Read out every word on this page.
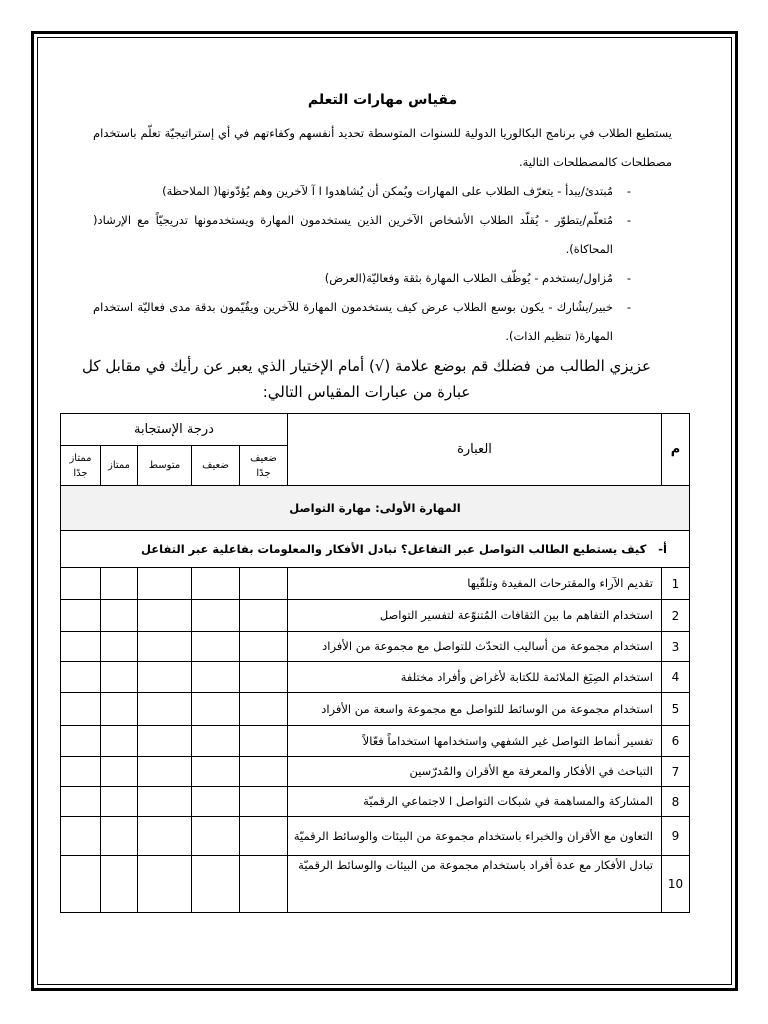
مقياس مهارات التعلم
يستطيع الطلاب في برنامج البكالوريا الدولية للسنوات المتوسطة تحديد أنفسهم وكفاءتهم في أي إستراتيجيّة تعلّم باستخدام مصطلحات كالمصطلحات التالية.
-
مُبتدئ/يبدأ - يتعرّف الطلاب على المهارات ويُمكن أن يُشاهدوا ا آ لآخرين وهم يُؤدّونها( الملاحظة)
-
مُتعلّم/يتطوّر - يُقلّد الطلاب الأشخاص الآخرين الذين يستخدمون المهارة ويستخدمونها تدريجيّاً مع الإرشاد( المحاكاة).
-
مُزاول/يستخدم - يُوظّف الطلاب المهارة بثقة وفعاليّة(العرض)
-
خبير/يشُارك - يكون بوسع الطلاب عرض كيف يستخدمون المهارة للآخرين ويقُيّمون بدقة مدى فعاليّة استخدام المهارة( تنظيم الذات).
عزيزي الطالب من فضلك قم بوضع علامة (√) أمام الإختيار الذي يعبر عن رأيك في مقابل كل عبارة من عبارات المقياس التالي:
م	العبارة	درجة الإستجابة				
		ضعيف جدًا	ضعيف	متوسط	ممتاز	ممتاز جدًا
المهارة الأولى: مهارة التواصل						
أ-كيف يستطيع الطالب التواصل عبر التفاعل؟ تبادل الأفكار والمعلومات بفاعلية عبر التفاعل						
1	تقديم الآراء والمقترحات المفيدة وتلقّيها					
2	استخدام التفاهم ما بين الثقافات المُتنوّعة لتفسير التواصل					
3	استخدام مجموعة من أساليب التحدّث للتواصل مع مجموعة من الأفراد					
4	استخدام الصِيَغ الملائمة للكتابة لأغراض وأفراد مختلفة					
5	استخدام مجموعة من الوسائط للتواصل مع مجموعة واسعة من الأفراد					
6	تفسير أنماط التواصل غير الشفهي واستخدامها استخداماً فعّالاً					
7	التباحث في الأفكار والمعرفة مع الأقران والمُدرّسين					
8	المشاركة والمساهمة في شبكات التواصل ا لاجتماعي الرقميّة					
9	التعاون مع الأقران والخبراء باستخدام مجموعة من البيئات والوسائط الرقميّة					
10	تبادل الأفكار مع عدة أفراد باستخدام مجموعة من البيئات والوسائط الرقميّة					
